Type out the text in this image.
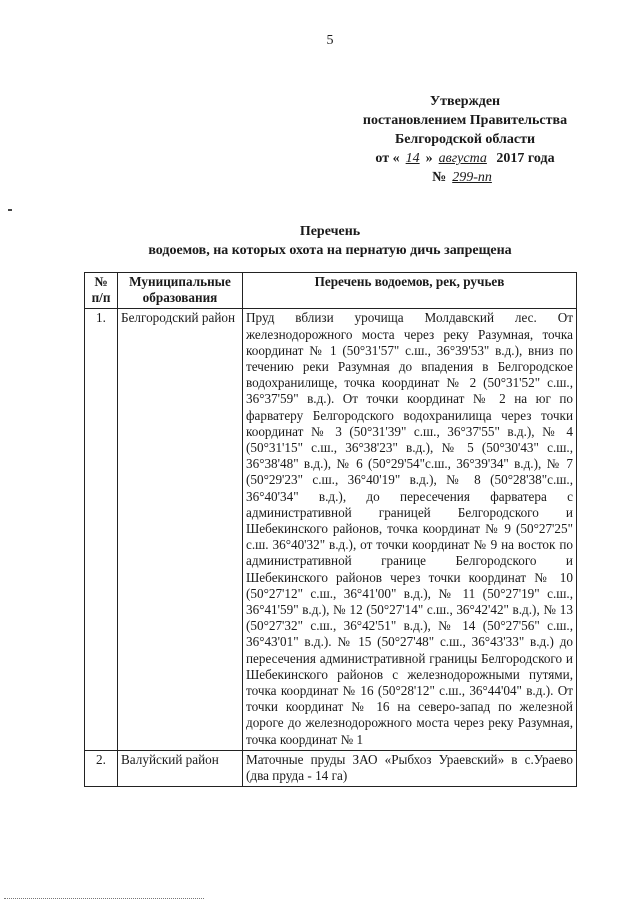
5
Утвержден
постановлением Правительства
Белгородской области
от « 14 » августа 2017 года
№ 299-пп
Перечень
водоемов, на которых охота на пернатую дичь запрещена
№ п/п	Муниципальные образования	Перечень водоемов, рек, ручьев
1.	Белгородский район	Пруд вблизи урочища Молдавский лес. От железнодорожного моста через реку Разумная, точка координат № 1 (50°31'57" с.ш., 36°39'53" в.д.), вниз по течению реки Разумная до впадения в Белгородское водохранилище, точка координат № 2 (50°31'52" с.ш., 36°37'59" в.д.). От точки координат № 2 на юг по фарватеру Белгородского водохранилища через точки координат № 3 (50°31'39" с.ш., 36°37'55" в.д.), № 4 (50°31'15" с.ш., 36°38'23" в.д.), № 5 (50°30'43" с.ш., 36°38'48" в.д.), № 6 (50°29'54"с.ш., 36°39'34" в.д.), № 7 (50°29'23" с.ш., 36°40'19" в.д.), № 8 (50°28'38"с.ш., 36°40'34" в.д.), до пересечения фарватера с административной границей Белгородского и Шебекинского районов, точка координат № 9 (50°27'25" с.ш. 36°40'32" в.д.), от точки координат № 9 на восток по административной границе Белгородского и Шебекинского районов через точки координат № 10 (50°27'12" с.ш., 36°41'00" в.д.), № 11 (50°27'19" с.ш., 36°41'59" в.д.), № 12 (50°27'14" с.ш., 36°42'42" в.д.), № 13 (50°27'32" с.ш., 36°42'51" в.д.), № 14 (50°27'56" с.ш., 36°43'01" в.д.). № 15 (50°27'48" с.ш., 36°43'33" в.д.) до пересечения административной границы Белгородского и Шебекинского районов с железнодорожными путями, точка координат № 16 (50°28'12" с.ш., 36°44'04" в.д.). От точки координат № 16 на северо-запад по железной дороге до железнодорожного моста через реку Разумная, точка координат № 1
2.	Валуйский район	Маточные пруды ЗАО «Рыбхоз Ураевский» в с.Ураево (два пруда - 14 га)
